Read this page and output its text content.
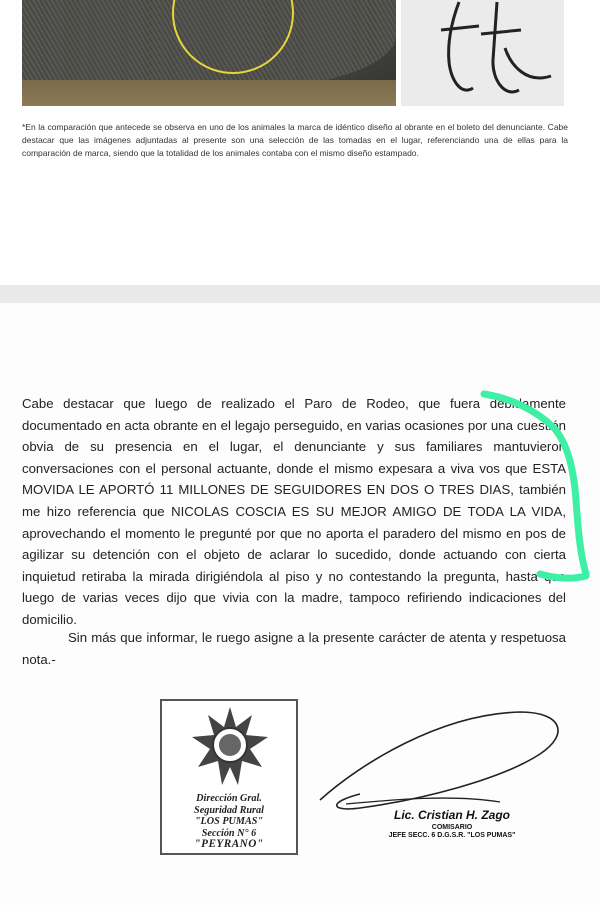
*En la comparación que antecede se observa en uno de los animales la marca de idéntico diseño al obrante en el boleto del denunciante. Cabe destacar que las imágenes adjuntadas al presente son una selección de las tomadas en el lugar, referenciando una de ellas para la comparación de marca, siendo que la totalidad de los animales contaba con el mismo diseño estampado.

Cabe destacar que luego de realizado el Paro de Rodeo, que fuera debidamente documentado en acta obrante en el legajo perseguido, en varias ocasiones por una cuestión obvia de su presencia en el lugar, el denunciante y sus familiares mantuvieron conversaciones con el personal actuante, donde el mismo expesara a viva vos que ESTA MOVIDA LE APORTÓ 11 MILLONES DE SEGUIDORES EN DOS O TRES DIAS, también me hizo referencia que NICOLAS COSCIA ES SU MEJOR AMIGO DE TODA LA VIDA, aprovechando el momento le pregunté por que no aporta el paradero del mismo en pos de agilizar su detención con el objeto de aclarar lo sucedido, donde actuando con cierta inquietud retiraba la mirada dirigiéndola al piso y no contestando la pregunta, hasta que luego de varias veces dijo que vivia con la madre, tampoco refiriendo indicaciones del domicilio.

Sin más que informar, le ruego asigne a la presente carácter de atenta y respetuosa nota.-

Dirección Gral.
Seguridad Rural
"LOS PUMAS"
Sección N° 6
"PEYRANO"
Lic. Cristian H. Zago
COMISARIO
JEFE SECC. 6 D.G.S.R. "LOS PUMAS"
